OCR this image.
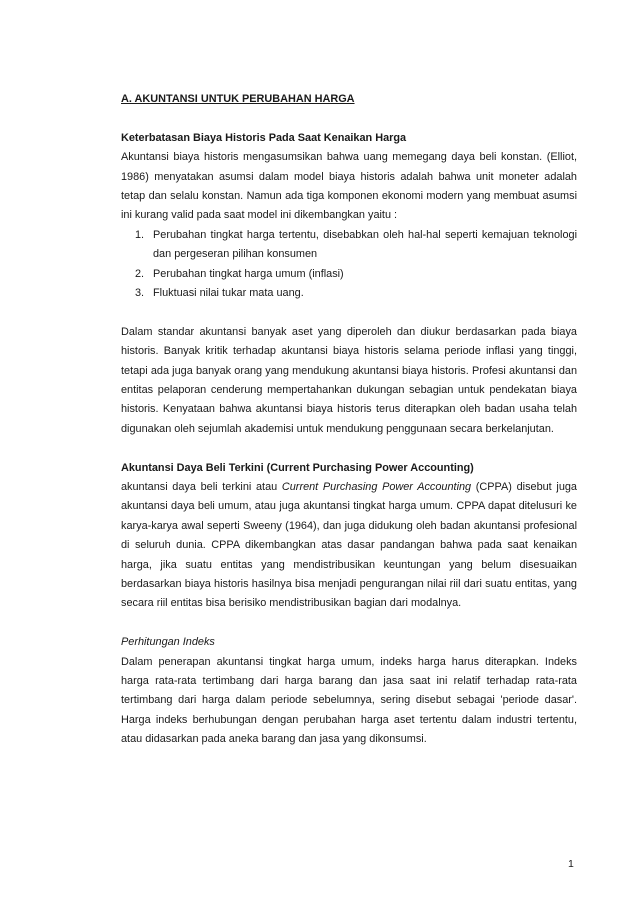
A. AKUNTANSI UNTUK PERUBAHAN HARGA

Keterbatasan Biaya Historis Pada Saat Kenaikan Harga

Akuntansi biaya historis mengasumsikan bahwa uang memegang daya beli konstan. (Elliot, 1986) menyatakan asumsi dalam model biaya historis adalah bahwa unit moneter adalah tetap dan selalu konstan. Namun ada tiga komponen ekonomi modern yang membuat asumsi ini kurang valid pada saat model ini dikembangkan yaitu :

1. Perubahan tingkat harga tertentu, disebabkan oleh hal-hal seperti kemajuan teknologi dan pergeseran pilihan konsumen
2. Perubahan tingkat harga umum (inflasi)
3. Fluktuasi nilai tukar mata uang.

Dalam standar akuntansi banyak aset yang diperoleh dan diukur berdasarkan pada biaya historis. Banyak kritik terhadap akuntansi biaya historis selama periode inflasi yang tinggi, tetapi ada juga banyak orang yang mendukung akuntansi biaya historis. Profesi akuntansi dan entitas pelaporan cenderung mempertahankan dukungan sebagian untuk pendekatan biaya historis. Kenyataan bahwa akuntansi biaya historis terus diterapkan oleh badan usaha telah digunakan oleh sejumlah akademisi untuk mendukung penggunaan secara berkelanjutan.

Akuntansi Daya Beli Terkini (Current Purchasing Power Accounting)

akuntansi daya beli terkini atau Current Purchasing Power Accounting (CPPA) disebut juga akuntansi daya beli umum, atau juga akuntansi tingkat harga umum. CPPA dapat ditelusuri ke karya-karya awal seperti Sweeny (1964), dan juga didukung oleh badan akuntansi profesional di seluruh dunia. CPPA dikembangkan atas dasar pandangan bahwa pada saat kenaikan harga, jika suatu entitas yang mendistribusikan keuntungan yang belum disesuaikan berdasarkan biaya historis hasilnya bisa menjadi pengurangan nilai riil dari suatu entitas, yang secara riil entitas bisa berisiko mendistribusikan bagian dari modalnya.

Perhitungan Indeks

Dalam penerapan akuntansi tingkat harga umum, indeks harga harus diterapkan. Indeks harga rata-rata tertimbang dari harga barang dan jasa saat ini relatif terhadap rata-rata tertimbang dari harga dalam periode sebelumnya, sering disebut sebagai 'periode dasar'. Harga indeks berhubungan dengan perubahan harga aset tertentu dalam industri tertentu, atau didasarkan pada aneka barang dan jasa yang dikonsumsi.

1
